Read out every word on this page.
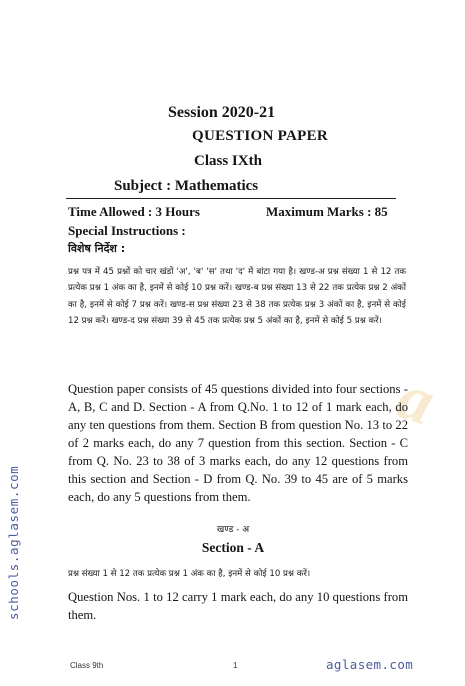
a
Session 2020-21
QUESTION PAPER
Class IXth
Subject : Mathematics
Time Allowed : 3 Hours	Maximum Marks : 85
Special Instructions :
विशेष निर्देश :
प्रश्न पत्र में 45 प्रश्नों को चार खंडों 'अ', 'ब' 'स' तथा 'द' में बांटा गया है। खण्ड-अ प्रश्न संख्या 1 से 12 तक प्रत्येक प्रश्न 1 अंक का है, इनमें से कोई 10 प्रश्न करें। खण्ड-ब प्रश्न संख्या 13 से 22 तक प्रत्येक प्रश्न 2 अंकों का है, इनमें से कोई 7 प्रश्न करें। खण्ड-स प्रश्न संख्या 23 से 38 तक प्रत्येक प्रश्न 3 अंकों का है, इनमें से कोई 12 प्रश्न करें। खण्ड-द प्रश्न संख्या 39 से 45 तक प्रत्येक प्रश्न 5 अंकों का है, इनमें से कोई 5 प्रश्न करें।
Question paper consists of 45 questions divided into four sections - A, B, C and D. Section - A from Q.No. 1 to 12 of 1 mark each, do any ten questions from them. Section B from question No. 13 to 22 of 2 marks each, do any 7 question from this section. Section - C from Q. No. 23 to 38 of 3 marks each, do any 12 questions from this section and Section - D from Q. No. 39 to 45 are of 5 marks each, do any 5 questions from them.
खण्ड - अ
Section - A
प्रश्न संख्या 1 से 12 तक प्रत्येक प्रश्न 1 अंक का है, इनमें से कोई 10 प्रश्न करें।
Question Nos. 1 to 12 carry 1 mark each, do any 10 questions from them.
schools.aglasem.com
Class 9th	1	aglasem.com
